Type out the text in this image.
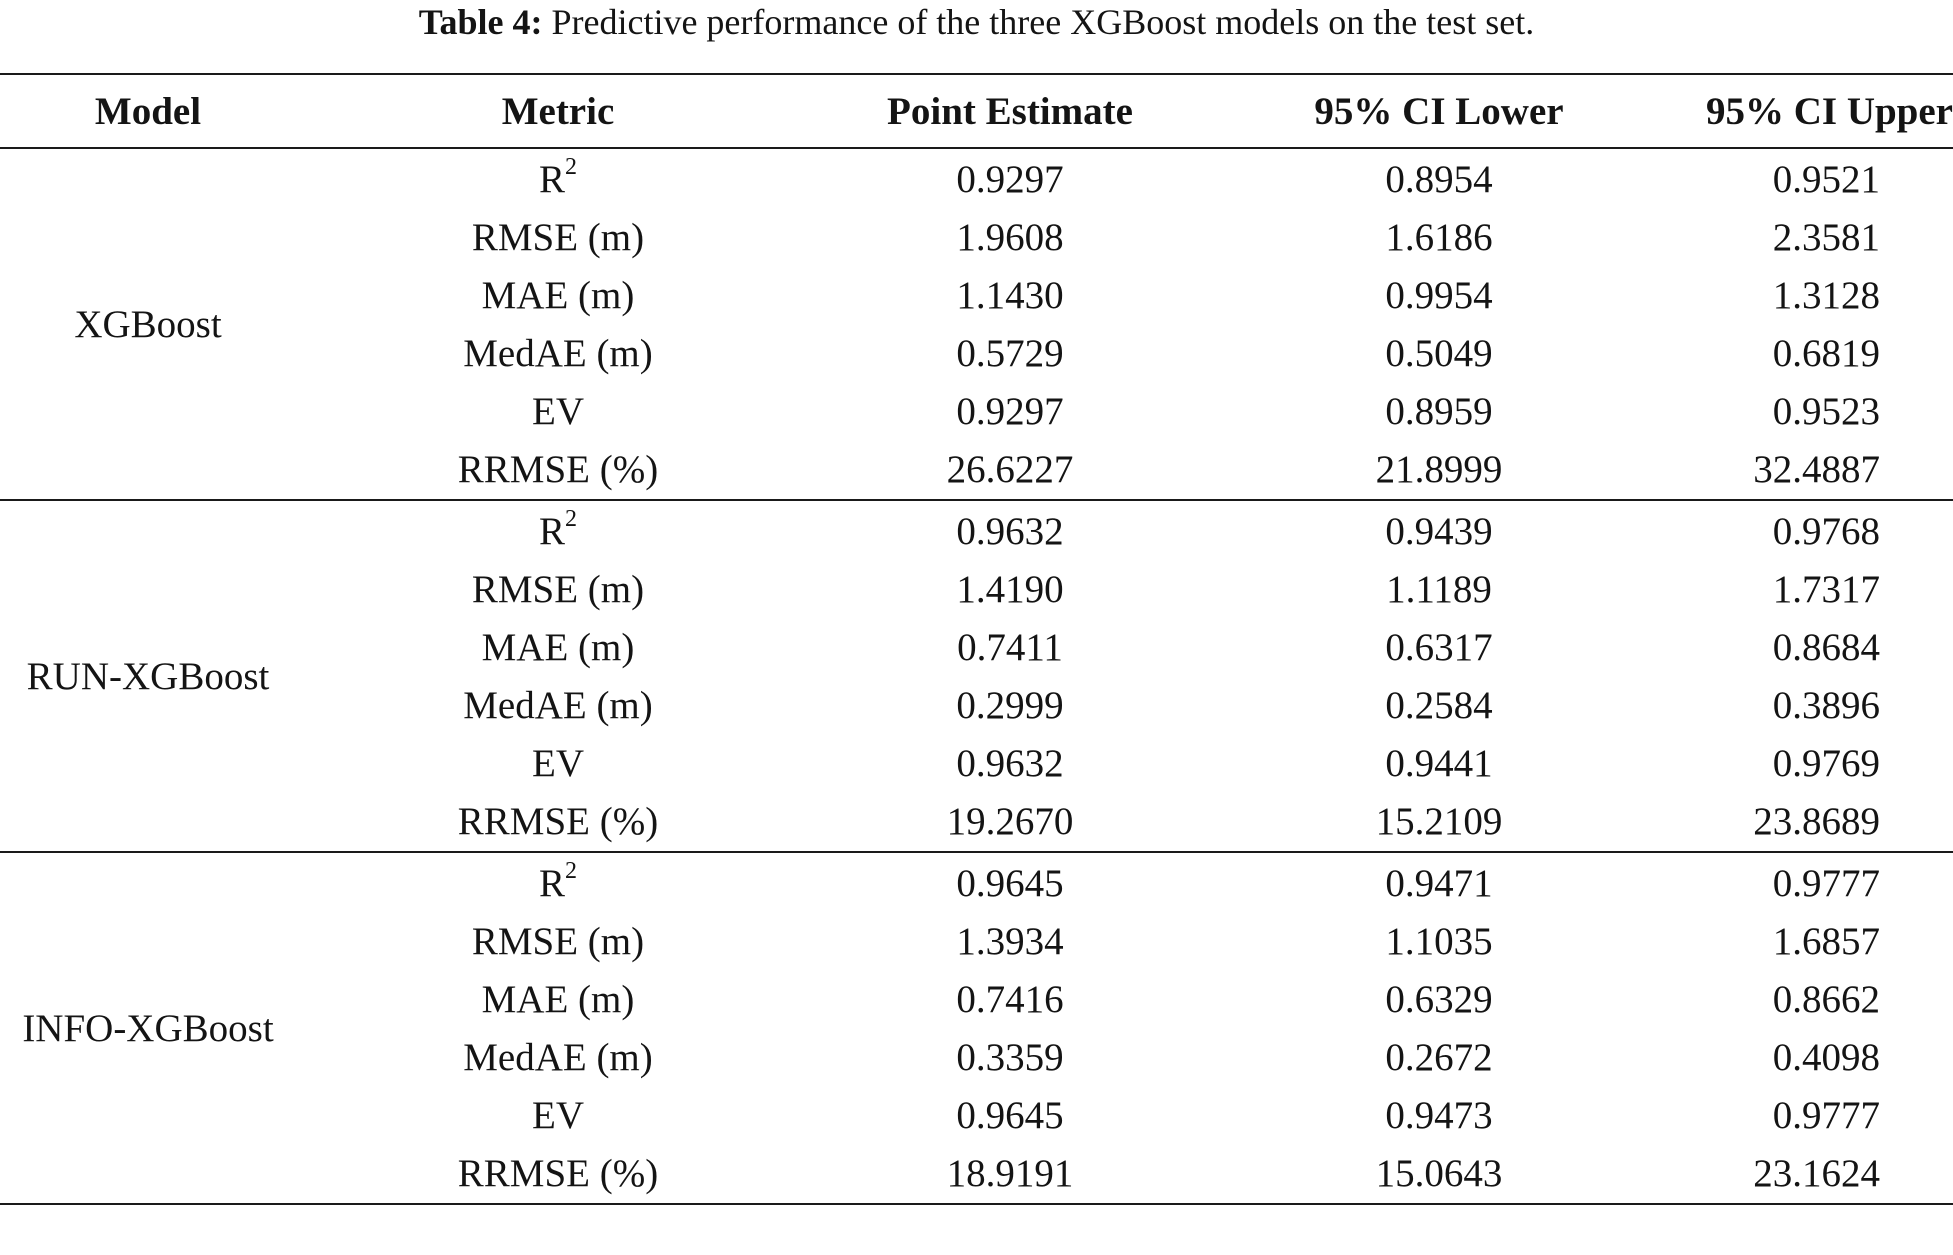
Table 4: Predictive performance of the three XGBoost models on the test set.
Model	Metric	Point Estimate	95% CI Lower	95% CI Upper
XGBoost	$R^2$	0.9297	0.8954	0.9521
	RMSE (m)	1.9608	1.6186	2.3581
	MAE (m)	1.1430	0.9954	1.3128
	MedAE (m)	0.5729	0.5049	0.6819
	EV	0.9297	0.8959	0.9523
	RRMSE (%)	26.6227	21.8999	32.4887
RUN-XGBoost	$R^2$	0.9632	0.9439	0.9768
	RMSE (m)	1.4190	1.1189	1.7317
	MAE (m)	0.7411	0.6317	0.8684
	MedAE (m)	0.2999	0.2584	0.3896
	EV	0.9632	0.9441	0.9769
	RRMSE (%)	19.2670	15.2109	23.8689
INFO-XGBoost	$R^2$	0.9645	0.9471	0.9777
	RMSE (m)	1.3934	1.1035	1.6857
	MAE (m)	0.7416	0.6329	0.8662
	MedAE (m)	0.3359	0.2672	0.4098
	EV	0.9645	0.9473	0.9777
	RRMSE (%)	18.9191	15.0643	23.1624
